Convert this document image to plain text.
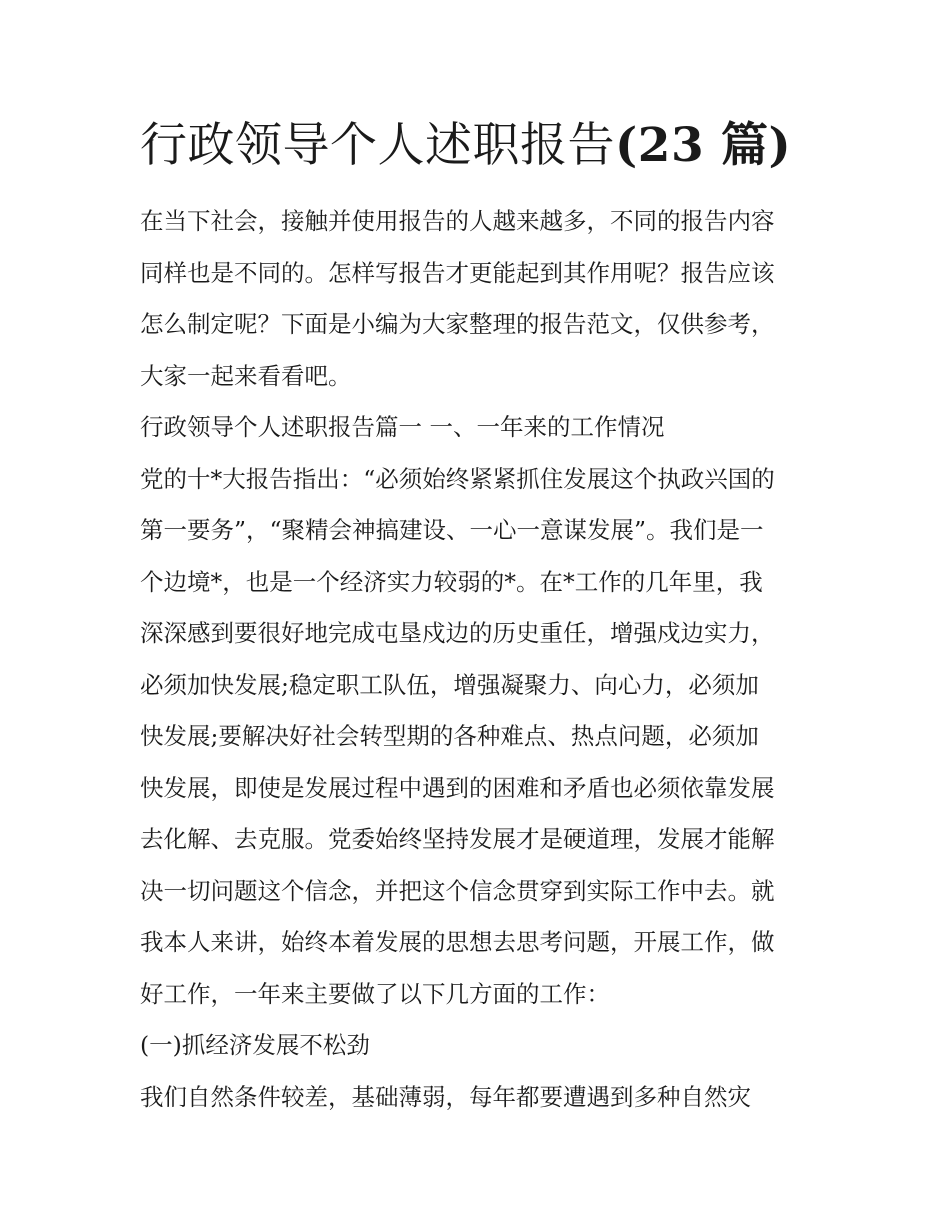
行政领导个人述职报告(23 篇)
在当下社会，接触并使用报告的人越来越多，不同的报告内容
同样也是不同的。怎样写报告才更能起到其作用呢？报告应该
怎么制定呢？下面是小编为大家整理的报告范文，仅供参考，
大家一起来看看吧。
行政领导个人述职报告篇一 一、一年来的工作情况
党的十*大报告指出：“必须始终紧紧抓住发展这个执政兴国的
第一要务”，“聚精会神搞建设、一心一意谋发展”。我们是一
个边境*，也是一个经济实力较弱的*。在*工作的几年里，我
深深感到要很好地完成屯垦戍边的历史重任，增强戍边实力，
必须加快发展;稳定职工队伍，增强凝聚力、向心力，必须加
快发展;要解决好社会转型期的各种难点、热点问题，必须加
快发展，即使是发展过程中遇到的困难和矛盾也必须依靠发展
去化解、去克服。党委始终坚持发展才是硬道理，发展才能解
决一切问题这个信念，并把这个信念贯穿到实际工作中去。就
我本人来讲，始终本着发展的思想去思考问题，开展工作，做
好工作，一年来主要做了以下几方面的工作：
(一)抓经济发展不松劲
我们自然条件较差，基础薄弱，每年都要遭遇到多种自然灾
